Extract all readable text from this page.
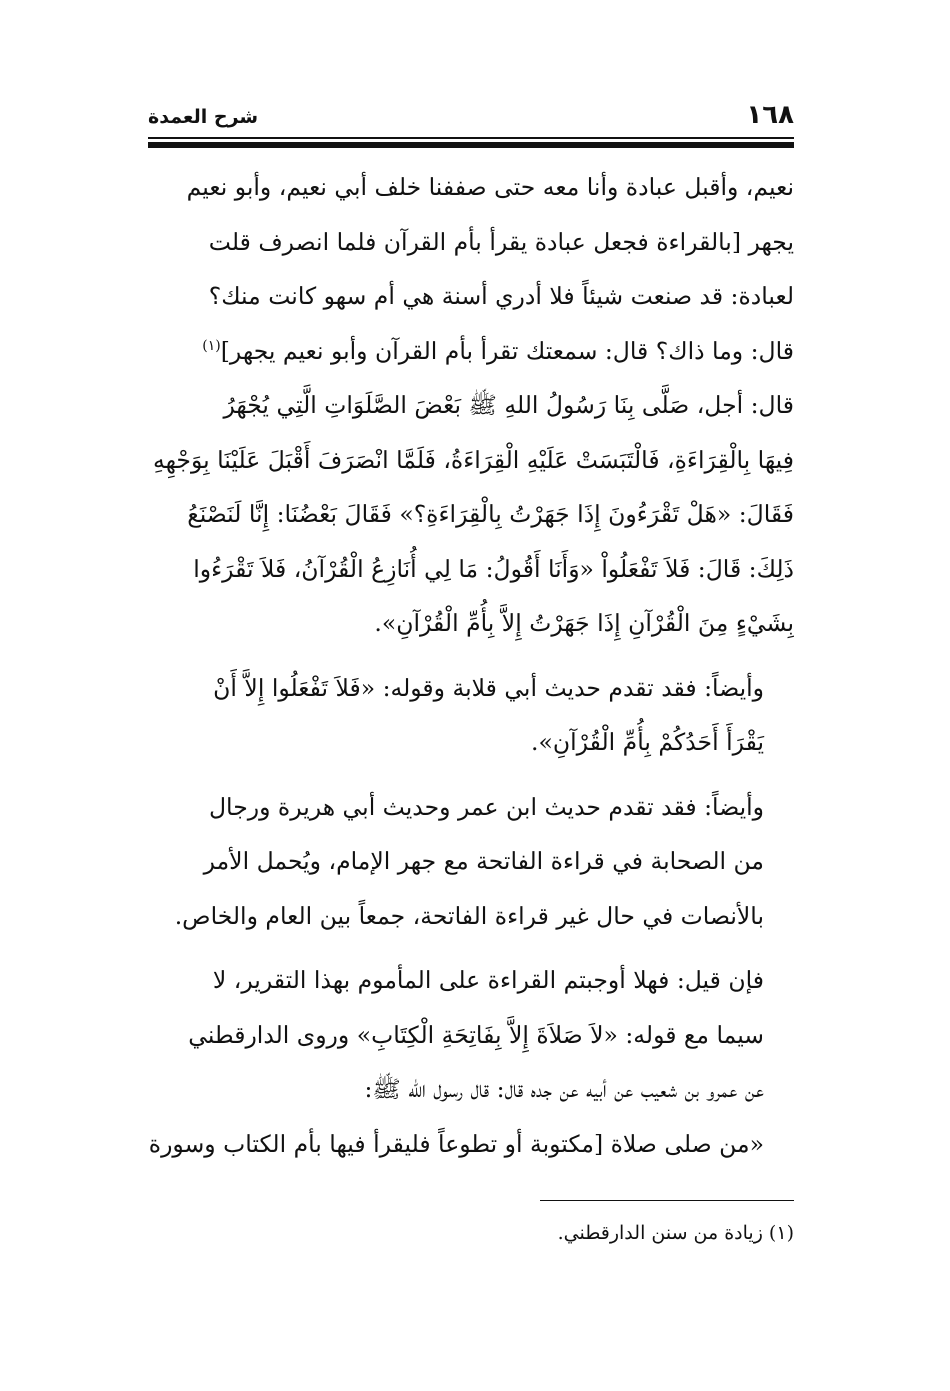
١٦٨
شرح العمدة

نعيم، وأقبل عبادة وأنا معه حتى صففنا خلف أبي نعيم، وأبو نعيم
يجهر [بالقراءة فجعل عبادة يقرأ بأم القرآن فلما انصرف قلت
لعبادة: قد صنعت شيئاً فلا أدري أسنة هي أم سهو كانت منك؟
قال: وما ذاك؟ قال: سمعتك تقرأ بأم القرآن وأبو نعيم يجهر]$^{(١)}$
قال: أجل، صَلَّى بِنَا رَسُولُ اللهِ ﷺ بَعْضَ الصَّلَوَاتِ الَّتِي يُجْهَرُ
فِيهَا بِالْقِرَاءَةِ، فَالْتَبَسَتْ عَلَيْهِ الْقِرَاءَةُ، فَلَمَّا انْصَرَفَ أَقْبَلَ عَلَيْنَا بِوَجْهِهِ
فَقَالَ: «هَلْ تَقْرَءُونَ إِذَا جَهَرْتُ بِالْقِرَاءَةِ؟» فَقَالَ بَعْضُنَا: إِنَّا لَنَصْنَعُ
ذَلِكَ: قَالَ: فَلاَ تَفْعَلُواْ «وَأَنَا أَقُولُ: مَا لِي أُنَازِعُ الْقُرْآنُ، فَلاَ تَقْرَءُوا
بِشَيْءٍ مِنَ الْقُرْآنِ إِذَا جَهَرْتُ إِلاَّ بِأُمِّ الْقُرْآنِ».

وأيضاً: فقد تقدم حديث أبي قلابة وقوله: «فَلاَ تَفْعَلُوا إِلاَّ أَنْ
يَقْرَأَ أَحَدُكُمْ بِأُمِّ الْقُرْآنِ».

وأيضاً: فقد تقدم حديث ابن عمر وحديث أبي هريرة ورجال
من الصحابة في قراءة الفاتحة مع جهر الإمام، ويُحمل الأمر
بالأنصات في حال غير قراءة الفاتحة، جمعاً بين العام والخاص.

فإن قيل: فهلا أوجبتم القراءة على المأموم بهذا التقرير، لا
سيما مع قوله: «لاَ صَلاَةَ إِلاَّ بِفَاتِحَةِ الْكِتَابِ» وروى الدارقطني
عن عمرو بن شعيب عن أبيه عن جده قال: قال رسول الله ﷺ:
«من صلى صلاة [مكتوبة أو تطوعاً فليقرأ فيها بأم الكتاب وسورة

(١) زيادة من سنن الدارقطني.
